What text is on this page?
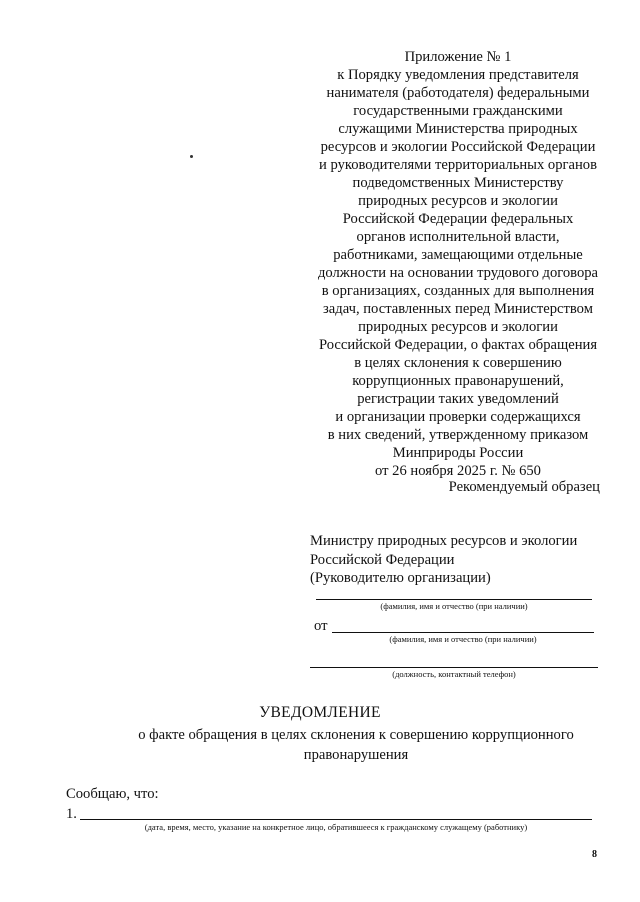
Приложение № 1
к Порядку уведомления представителя
нанимателя (работодателя) федеральными
государственными гражданскими
служащими Министерства природных
ресурсов и экологии Российской Федерации
и руководителями территориальных органов
подведомственных Министерству
природных ресурсов и экологии
Российской Федерации федеральных
органов исполнительной власти,
работниками, замещающими отдельные
должности на основании трудового договора
в организациях, созданных для выполнения
задач, поставленных перед Министерством
природных ресурсов и экологии
Российской Федерации, о фактах обращения
в целях склонения к совершению
коррупционных правонарушений,
регистрации таких уведомлений
и организации проверки содержащихся
в них сведений, утвержденному приказом
Минприроды России
от 26 ноября 2025 г. № 650
Рекомендуемый образец
Министру природных ресурсов и экологии
Российской Федерации
(Руководителю организации)
(фамилия, имя и отчество (при наличии)
от
(фамилия, имя и отчество (при наличии)
(должность, контактный телефон)
УВЕДОМЛЕНИЕ
о факте обращения в целях склонения к совершению коррупционного
правонарушения
Сообщаю, что:
1.
(дата, время, место, указание на конкретное лицо, обратившееся к гражданскому служащему (работнику)
8
